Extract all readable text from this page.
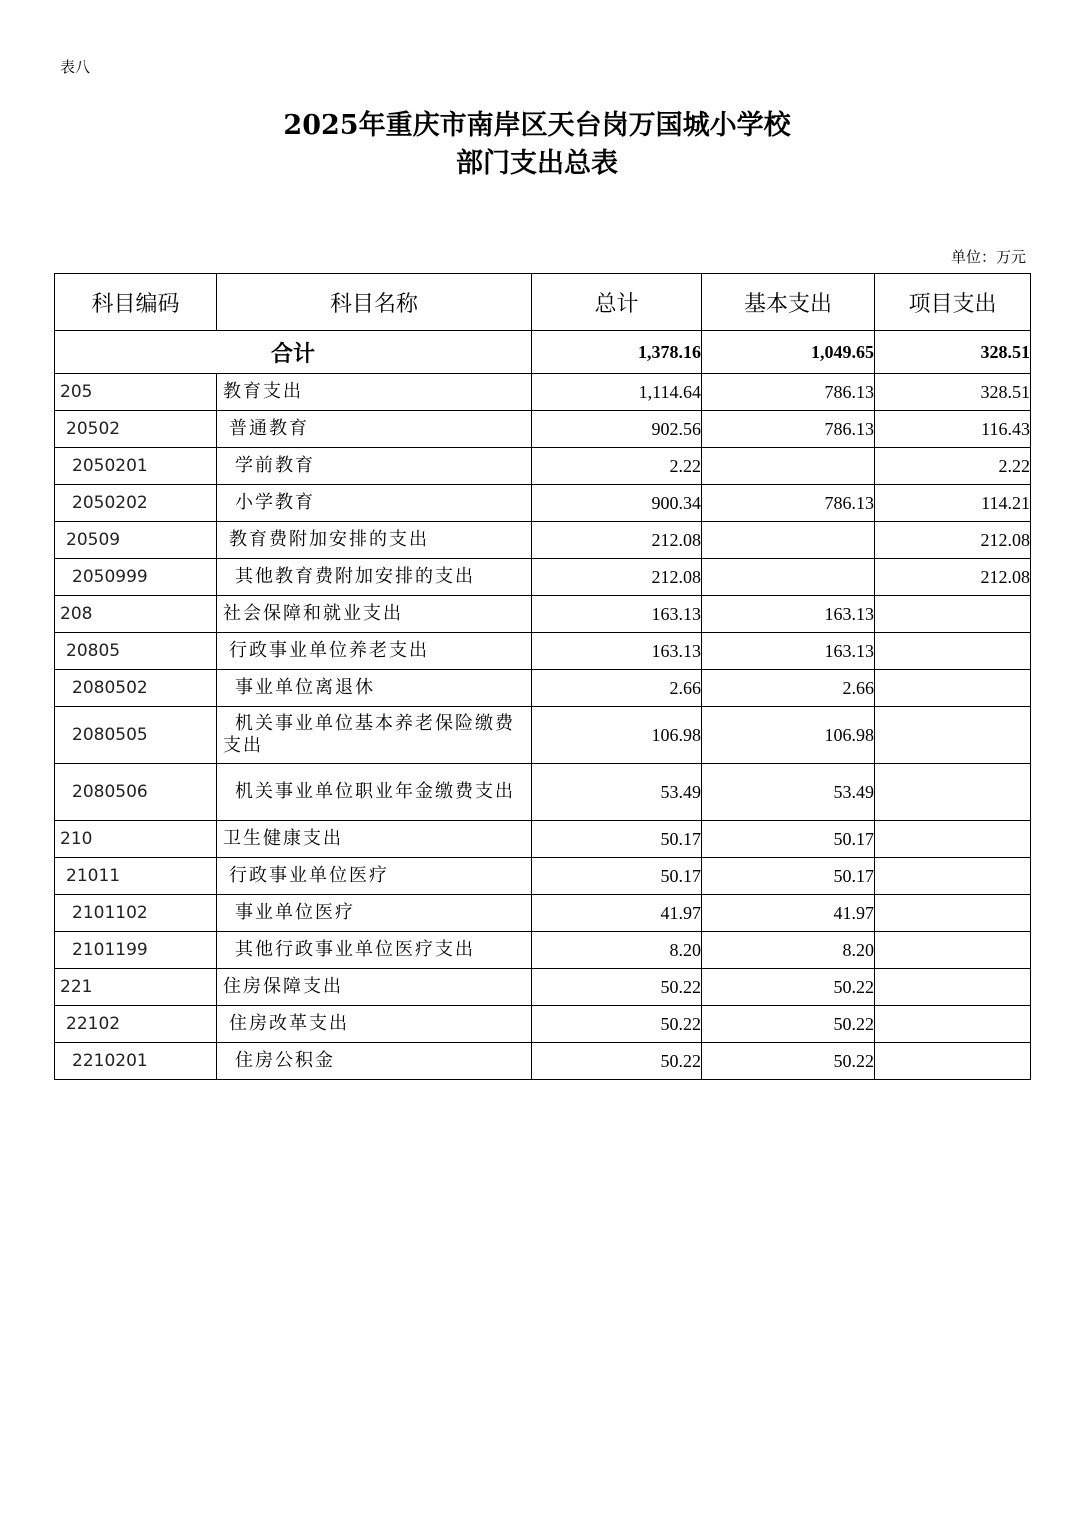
表八
2025年重庆市南岸区天台岗万国城小学校
部门支出总表
单位：万元
科目编码	科目名称	总计	基本支出	项目支出
合计		1,378.16	1,049.65	328.51
205	教育支出	1,114.64	786.13	328.51
20502	普通教育	902.56	786.13	116.43
2050201	学前教育	2.22		2.22
2050202	小学教育	900.34	786.13	114.21
20509	教育费附加安排的支出	212.08		212.08
2050999	其他教育费附加安排的支出	212.08		212.08
208	社会保障和就业支出	163.13	163.13	
20805	行政事业单位养老支出	163.13	163.13	
2080502	事业单位离退休	2.66	2.66	
2080505	机关事业单位基本养老保险缴费支出	106.98	106.98	
2080506	机关事业单位职业年金缴费支出	53.49	53.49	
210	卫生健康支出	50.17	50.17	
21011	行政事业单位医疗	50.17	50.17	
2101102	事业单位医疗	41.97	41.97	
2101199	其他行政事业单位医疗支出	8.20	8.20	
221	住房保障支出	50.22	50.22	
22102	住房改革支出	50.22	50.22	
2210201	住房公积金	50.22	50.22	
